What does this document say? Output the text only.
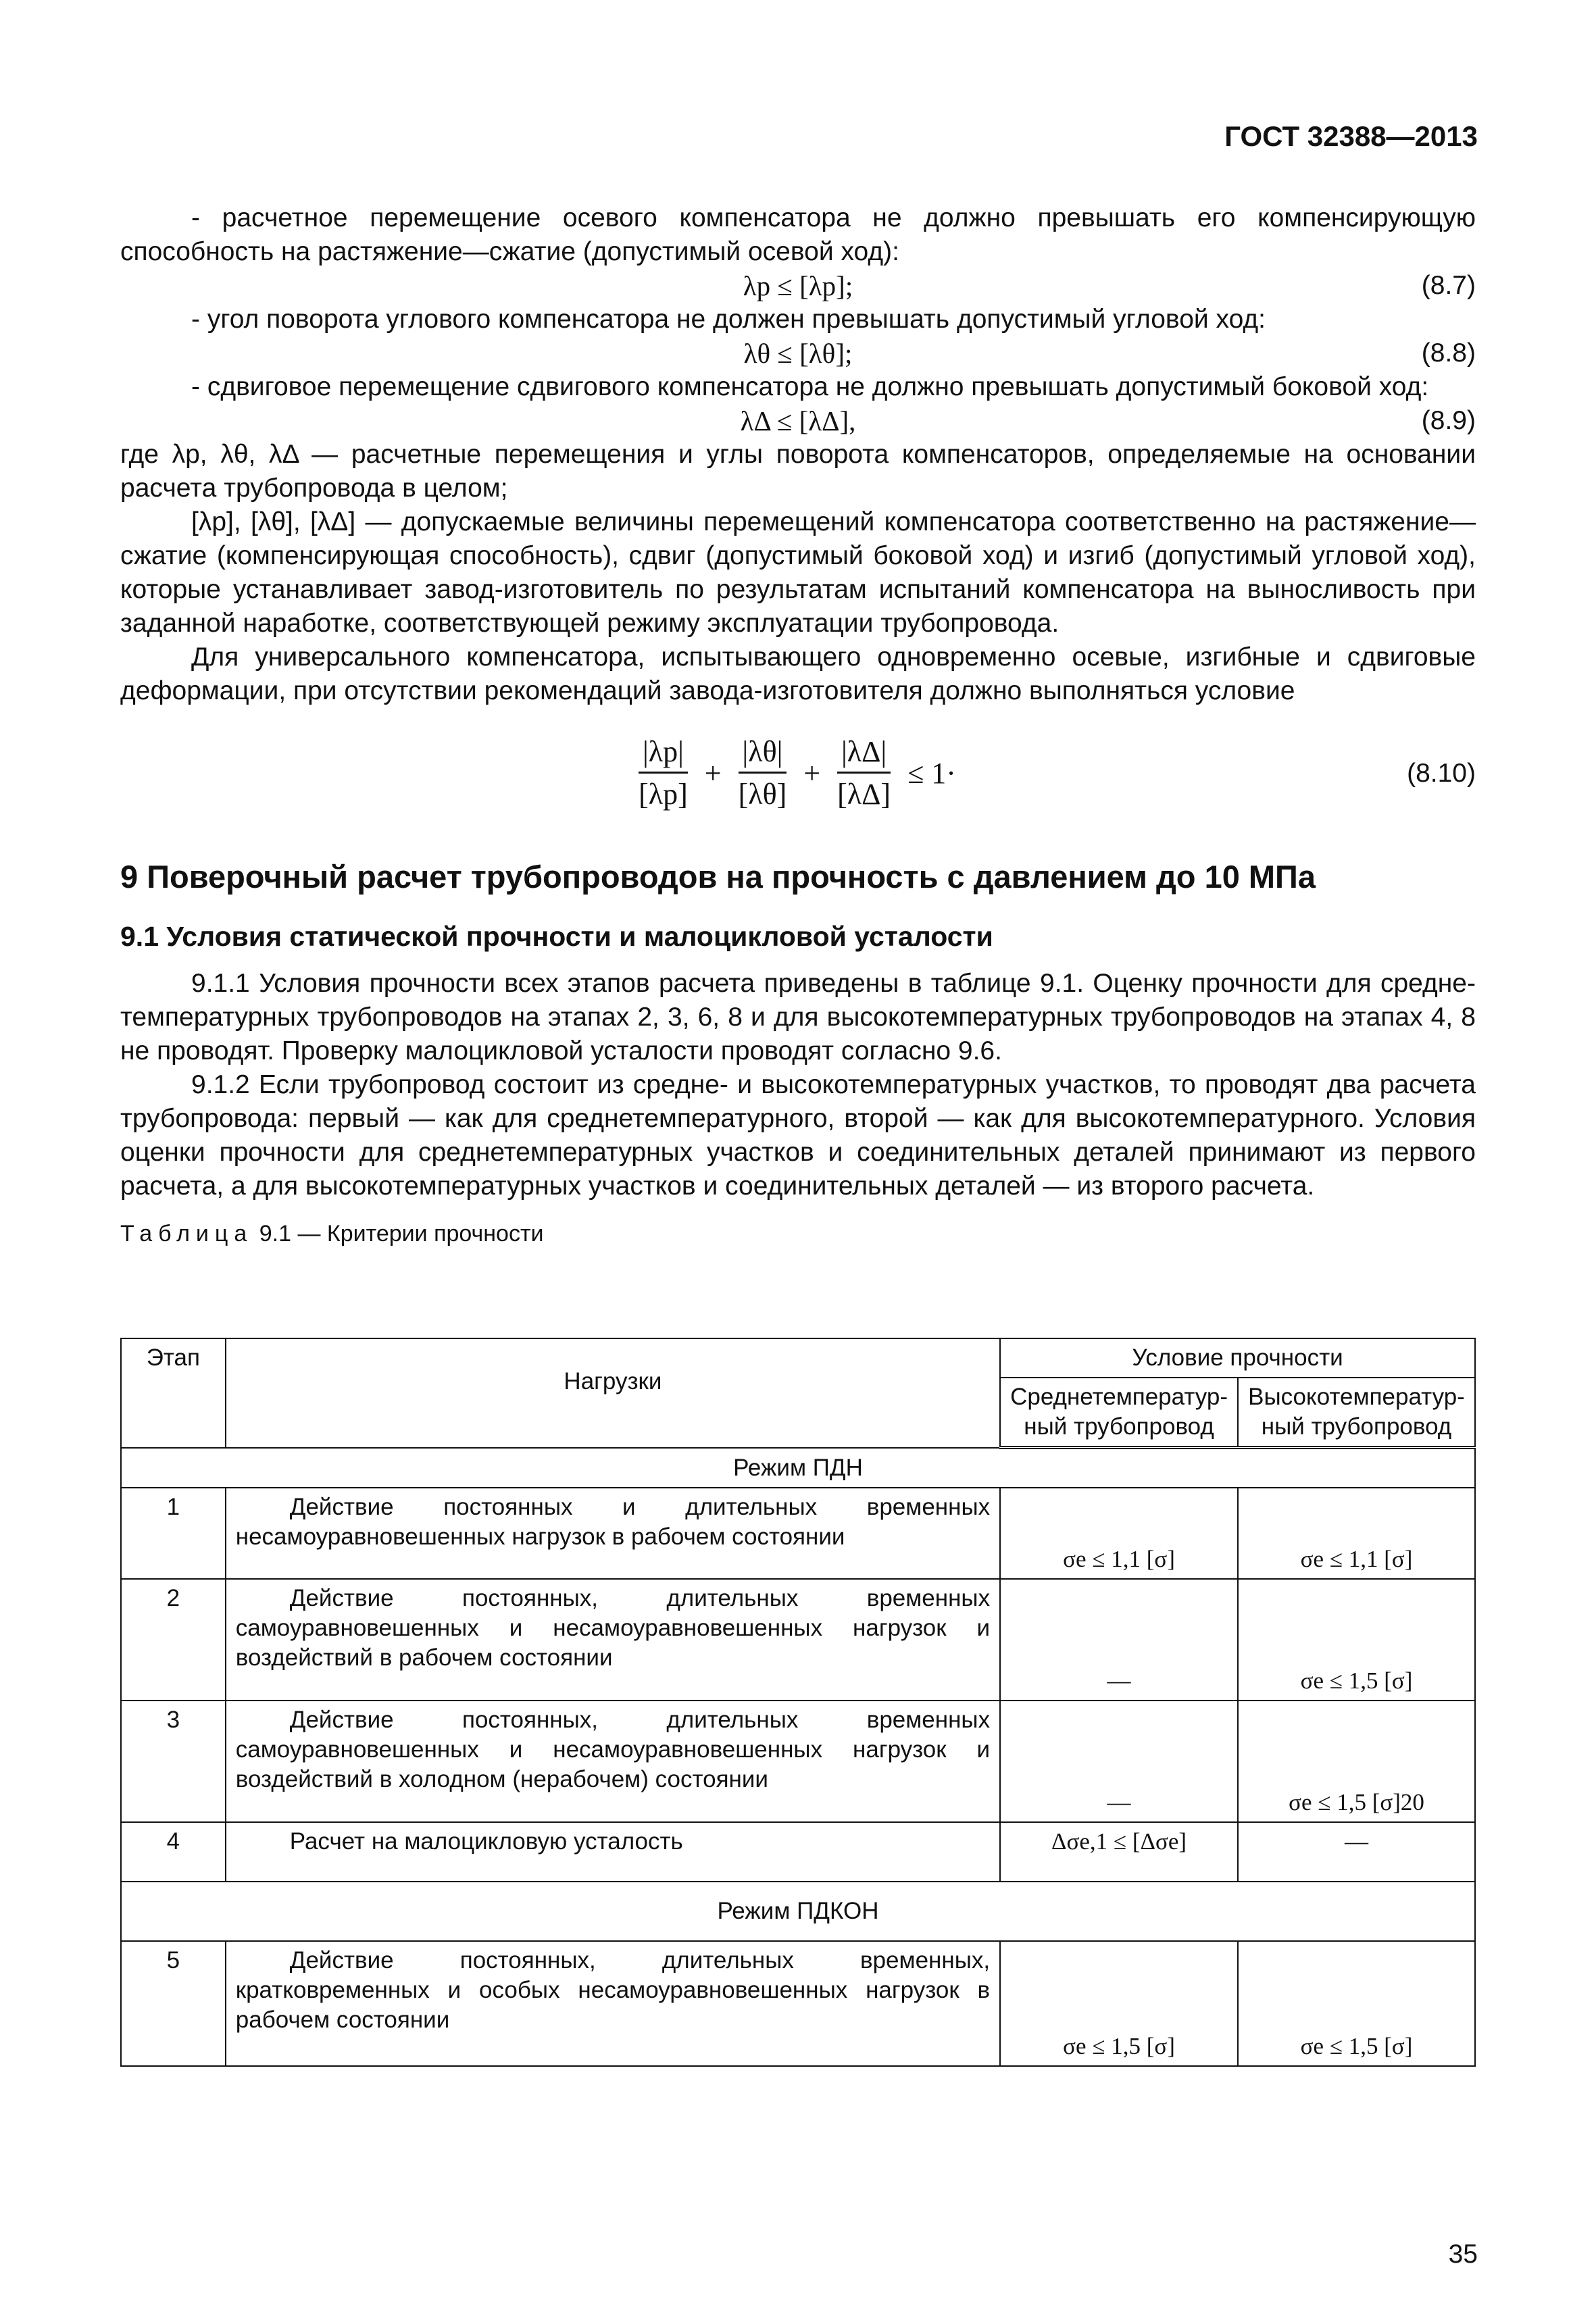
ГОСТ 32388—2013

- расчетное перемещение осевого компенсатора не должно превышать его компенсирующую способность на растяжение—сжатие (допустимый осевой ход):

λp ≤ [λp];	(8.7)

- угол поворота углового компенсатора не должен превышать допустимый угловой ход:

λθ ≤ [λθ];	(8.8)

- сдвиговое перемещение сдвигового компенсатора не должно превышать допустимый боковой ход:

λΔ ≤ [λΔ],	(8.9)

где λp, λθ, λΔ — расчетные перемещения и углы поворота компенсаторов, определяемые на основании расчета трубопровода в целом;

[λp], [λθ], [λΔ] — допускаемые величины перемещений компенсатора соответственно на растяжение—сжатие (компенсирующая способность), сдвиг (допустимый боковой ход) и изгиб (допустимый угловой ход), которые устанавливает завод-изготовитель по результатам испытаний компенсатора на выносливость при заданной наработке, соответствующей режиму эксплуатации трубопровода.

Для универсального компенсатора, испытывающего одновременно осевые, изгибные и сдвиговые деформации, при отсутствии рекомендаций завода-изготовителя должно выполняться условие

$\frac{|\lambda p|}{[\lambda p]} + \frac{|\lambda\theta|}{[\lambda\theta]} + \frac{|\lambda\Delta|}{[\lambda\Delta]} \le 1\cdot$	(8.10)

9 Поверочный расчет трубопроводов на прочность с давлением до 10 МПа

9.1 Условия статической прочности и малоцикловой усталости

9.1.1 Условия прочности всех этапов расчета приведены в таблице 9.1. Оценку прочности для средне-температурных трубопроводов на этапах 2, 3, 6, 8 и для высокотемпературных трубопроводов на этапах 4, 8 не проводят. Проверку малоцикловой усталости проводят согласно 9.6.

9.1.2 Если трубопровод состоит из средне- и высокотемпературных участков, то проводят два расчета трубопровода: первый — как для среднетемпературного, второй — как для высокотемпературного. Условия оценки прочности для среднетемпературных участков и соединительных деталей принимают из первого расчета, а для высокотемпературных участков и соединительных деталей — из второго расчета.

Таблица 9.1 — Критерии прочности

Этап	Нагрузки	Условие прочности	
		Среднетемператур-ный трубопровод	Высокотемператур-ный трубопровод
Режим ПДН			
1	Действие постоянных и длительных временных несамоуравновешенных нагрузок в рабочем состоянии	σe ≤ 1,1 [σ]	σe ≤ 1,1 [σ]
2	Действие постоянных, длительных временных самоуравновешенных и несамоуравновешенных нагрузок и воздействий в рабочем состоянии	—	σe ≤ 1,5 [σ]
3	Действие постоянных, длительных временных самоуравновешенных и несамоуравновешенных нагрузок и воздействий в холодном (нерабочем) состоянии	—	σe ≤ 1,5 [σ]20
4	Расчет на малоцикловую усталость	Δσe,1 ≤ [Δσe]	—
Режим ПДКОН			
5	Действие постоянных, длительных временных, кратковременных и особых несамоуравновешенных нагрузок в рабочем состоянии	σe ≤ 1,5 [σ]	σe ≤ 1,5 [σ]
35
